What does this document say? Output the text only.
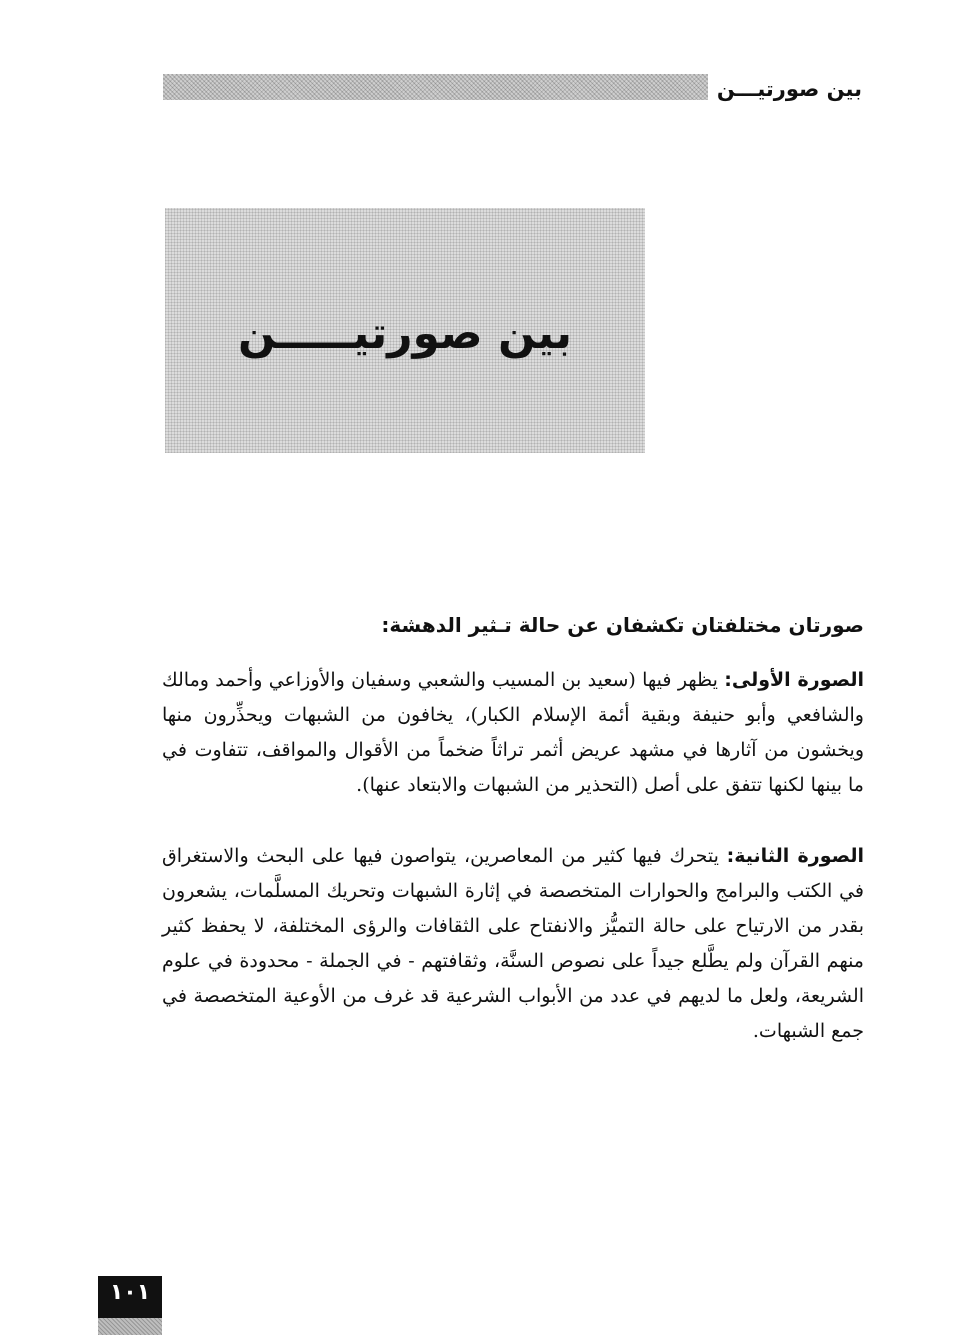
بين صورتيـــن
بين صورتيـــــن
صورتان مختلفتان تكشفان عن حالة تـثير الدهشة:

الصورة الأولى: يظهر فيها (سعيد بن المسيب والشعبي وسفيان والأوزاعي وأحمد ومالك والشافعي وأبو حنيفة وبقية أئمة الإسلام الكبار)، يخافون من الشبهات ويحذِّرون منها ويخشون من آثارها في مشهد عريض أثمر تراثاً ضخماً من الأقوال والمواقف، تتفاوت في ما بينها لكنها تتفق على أصل (التحذير من الشبهات والابتعاد عنها).

الصورة الثانية: يتحرك فيها كثير من المعاصرين، يتواصون فيها على البحث والاستغراق في الكتب والبرامج والحوارات المتخصصة في إثارة الشبهات وتحريك المسلَّمات، يشعرون بقدر من الارتياح على حالة التميُّز والانفتاح على الثقافات والرؤى المختلفة، لا يحفظ كثير منهم القرآن ولم يطَّلع جيداً على نصوص السنَّة، وثقافتهم - في الجملة - محدودة في علوم الشريعة، ولعل ما لديهم في عدد من الأبواب الشرعية قد غرف من الأوعية المتخصصة في جمع الشبهات.

١٠١
